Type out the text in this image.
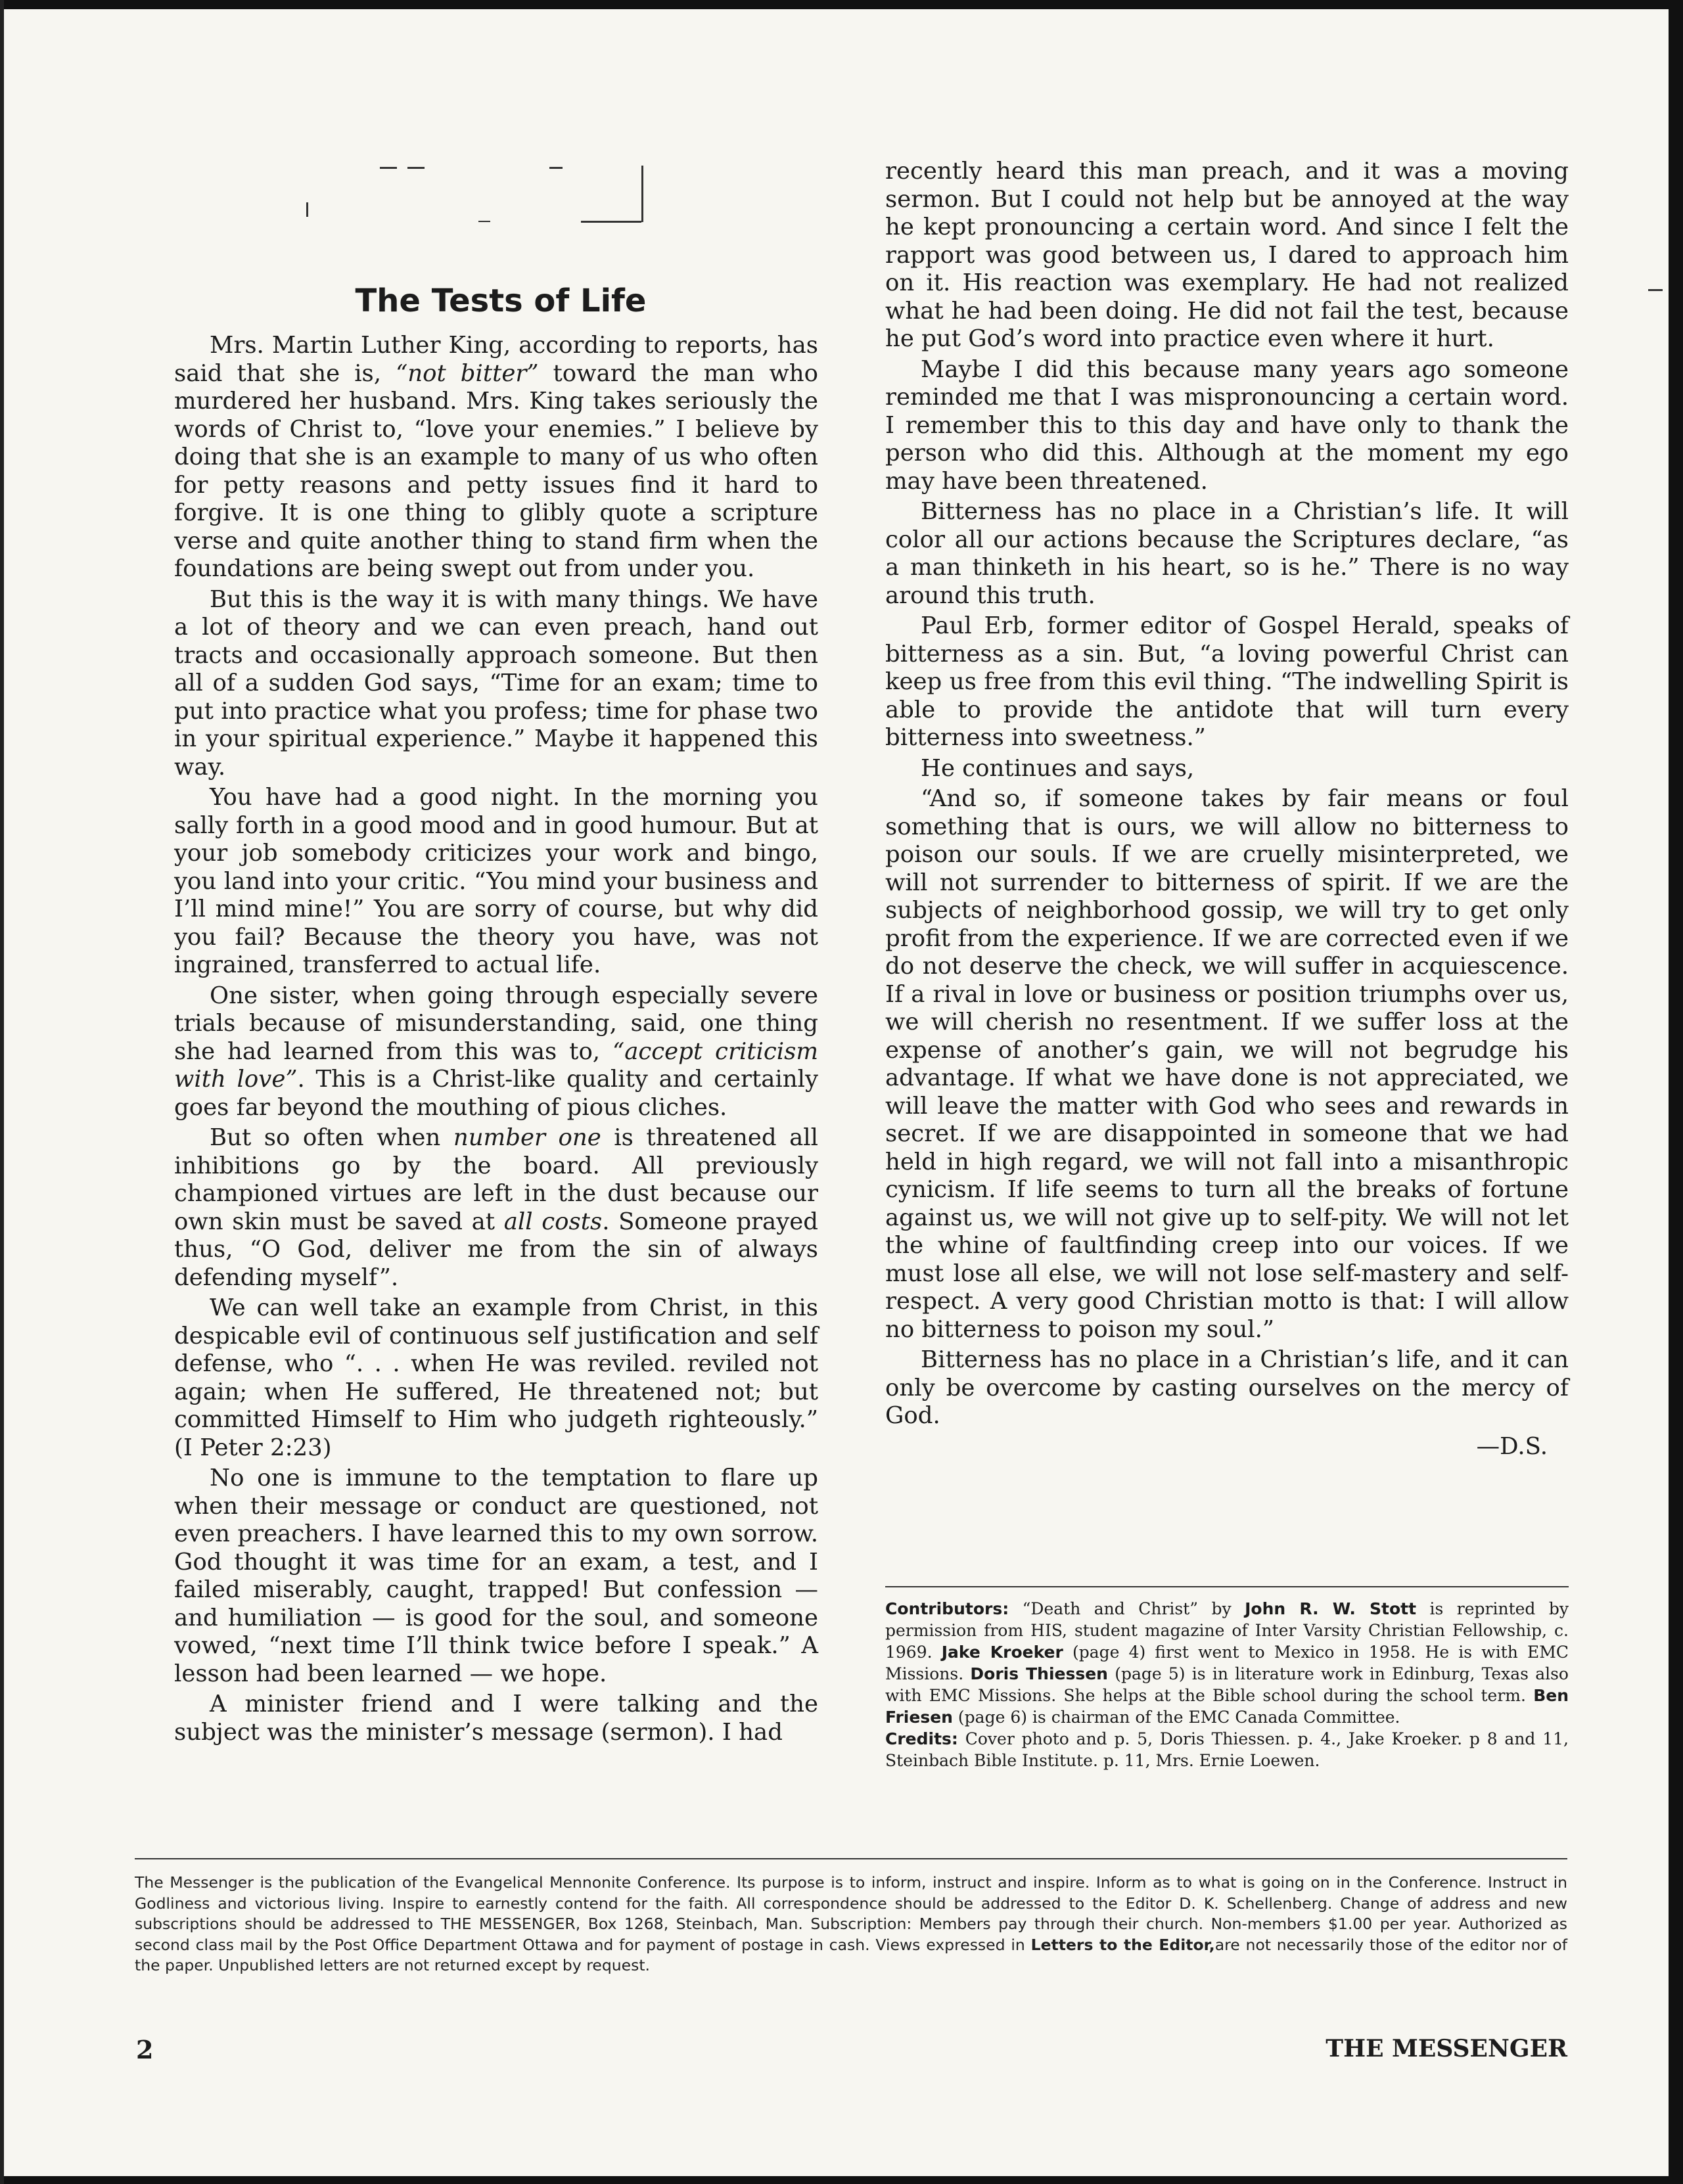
The Tests of Life

Mrs. Martin Luther King, according to reports, has said that she is, “not bitter” toward the man who murdered her husband. Mrs. King takes seriously the words of Christ to, “love your enemies.” I believe by doing that she is an example to many of us who often for petty reasons and petty issues find it hard to forgive. It is one thing to glibly quote a scripture verse and quite another thing to stand firm when the foundations are being swept out from under you.

But this is the way it is with many things. We have a lot of theory and we can even preach, hand out tracts and occasionally approach someone. But then all of a sudden God says, “Time for an exam; time to put into practice what you profess; time for phase two in your spiritual experience.” Maybe it happened this way.

You have had a good night. In the morning you sally forth in a good mood and in good humour. But at your job somebody criticizes your work and bingo, you land into your critic. “You mind your business and I’ll mind mine!” You are sorry of course, but why did you fail? Because the theory you have, was not ingrained, transferred to actual life.

One sister, when going through especially severe trials because of misunderstanding, said, one thing she had learned from this was to, “accept criticism with love”. This is a Christ-like quality and certainly goes far beyond the mouthing of pious cliches.

But so often when number one is threatened all inhibitions go by the board. All previously championed virtues are left in the dust because our own skin must be saved at all costs. Someone prayed thus, “O God, deliver me from the sin of always defending myself”.

We can well take an example from Christ, in this despicable evil of continuous self justification and self defense, who “. . . when He was reviled. reviled not again; when He suffered, He threatened not; but committed Himself to Him who judgeth righteously.” (I Peter 2:23)

No one is immune to the temptation to flare up when their message or conduct are questioned, not even preachers. I have learned this to my own sorrow. God thought it was time for an exam, a test, and I failed miserably, caught, trapped! But confession — and humiliation — is good for the soul, and someone vowed, “next time I’ll think twice before I speak.” A lesson had been learned — we hope.

A minister friend and I were talking and the subject was the minister’s message (sermon). I had

recently heard this man preach, and it was a moving sermon. But I could not help but be annoyed at the way he kept pronouncing a certain word. And since I felt the rapport was good between us, I dared to approach him on it. His reaction was exemplary. He had not realized what he had been doing. He did not fail the test, because he put God’s word into practice even where it hurt.

Maybe I did this because many years ago someone reminded me that I was mispronouncing a certain word. I remember this to this day and have only to thank the person who did this. Although at the moment my ego may have been threatened.

Bitterness has no place in a Christian’s life. It will color all our actions because the Scriptures declare, “as a man thinketh in his heart, so is he.” There is no way around this truth.

Paul Erb, former editor of Gospel Herald, speaks of bitterness as a sin. But, “a loving powerful Christ can keep us free from this evil thing. “The indwelling Spirit is able to provide the antidote that will turn every bitterness into sweetness.”

He continues and says,

“And so, if someone takes by fair means or foul something that is ours, we will allow no bitterness to poison our souls. If we are cruelly misinterpreted, we will not surrender to bitterness of spirit. If we are the subjects of neighborhood gossip, we will try to get only profit from the experience. If we are corrected even if we do not deserve the check, we will suffer in acquiescence. If a rival in love or business or position triumphs over us, we will cherish no resentment. If we suffer loss at the expense of another’s gain, we will not begrudge his advantage. If what we have done is not appreciated, we will leave the matter with God who sees and rewards in secret. If we are disappointed in someone that we had held in high regard, we will not fall into a misanthropic cynicism. If life seems to turn all the breaks of fortune against us, we will not give up to self-pity. We will not let the whine of faultfinding creep into our voices. If we must lose all else, we will not lose self-mastery and self-respect. A very good Christian motto is that: I will allow no bitterness to poison my soul.”

Bitterness has no place in a Christian’s life, and it can only be overcome by casting ourselves on the mercy of God.

—D.S.

Contributors: “Death and Christ” by John R. W. Stott is reprinted by permission from HIS, student magazine of Inter Varsity Christian Fellowship, c. 1969. Jake Kroeker (page 4) first went to Mexico in 1958. He is with EMC Missions. Doris Thiessen (page 5) is in literature work in Edinburg, Texas also with EMC Missions. She helps at the Bible school during the school term. Ben Friesen (page 6) is chairman of the EMC Canada Committee.

Credits: Cover photo and p. 5, Doris Thiessen. p. 4., Jake Kroeker. p 8 and 11, Steinbach Bible Institute. p. 11, Mrs. Ernie Loewen.

The Messenger is the publication of the Evangelical Mennonite Conference. Its purpose is to inform, instruct and inspire. Inform as to what is going on in the Conference. Instruct in Godliness and victorious living. Inspire to earnestly contend for the faith. All correspondence should be addressed to the Editor D. K. Schellenberg. Change of address and new subscriptions should be addressed to THE MESSENGER, Box 1268, Steinbach, Man. Subscription: Members pay through their church. Non-members $1.00 per year. Authorized as second class mail by the Post Office Department Ottawa and for payment of postage in cash. Views expressed in Letters to the Editor,are not necessarily those of the editor nor of the paper. Unpublished letters are not returned except by request.

2	THE MESSENGER
